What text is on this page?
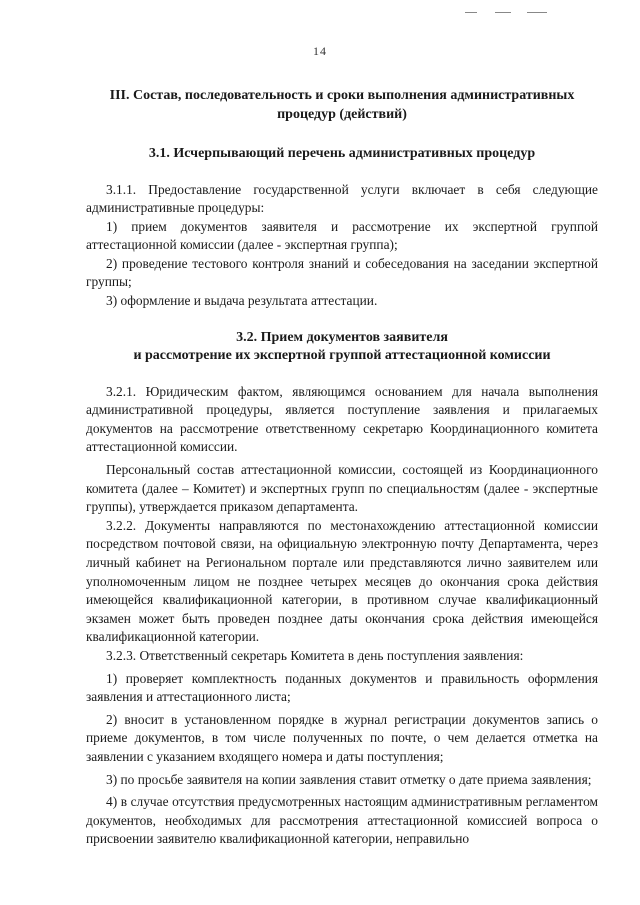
14
III. Состав, последовательность и сроки выполнения административных процедур (действий)
3.1. Исчерпывающий перечень административных процедур

3.1.1. Предоставление государственной услуги включает в себя следующие административные процедуры:

1) прием документов заявителя и рассмотрение их экспертной группой аттестационной комиссии (далее - экспертная группа);

2) проведение тестового контроля знаний и собеседования на заседании экспертной группы;

3) оформление и выдача результата аттестации.

3.2. Прием документов заявителя
и рассмотрение их экспертной группой аттестационной комиссии

3.2.1. Юридическим фактом, являющимся основанием для начала выполнения административной процедуры, является поступление заявления и прилагаемых документов на рассмотрение ответственному секретарю Координационного комитета аттестационной комиссии.

Персональный состав аттестационной комиссии, состоящей из Координационного комитета (далее – Комитет) и экспертных групп по специальностям (далее - экспертные группы), утверждается приказом департамента.

3.2.2. Документы направляются по местонахождению аттестационной комиссии посредством почтовой связи, на официальную электронную почту Департамента, через личный кабинет на Региональном портале или представляются лично заявителем или уполномоченным лицом не позднее четырех месяцев до окончания срока действия имеющейся квалификационной категории, в противном случае квалификационный экзамен может быть проведен позднее даты окончания срока действия имеющейся квалификационной категории.

3.2.3. Ответственный секретарь Комитета в день поступления заявления:

1) проверяет комплектность поданных документов и правильность оформления заявления и аттестационного листа;

2) вносит в установленном порядке в журнал регистрации документов запись о приеме документов, в том числе полученных по почте, о чем делается отметка на заявлении с указанием входящего номера и даты поступления;

3) по просьбе заявителя на копии заявления ставит отметку о дате приема заявления;

4) в случае отсутствия предусмотренных настоящим административным регламентом документов, необходимых для рассмотрения аттестационной комиссией вопроса о присвоении заявителю квалификационной категории, неправильно
